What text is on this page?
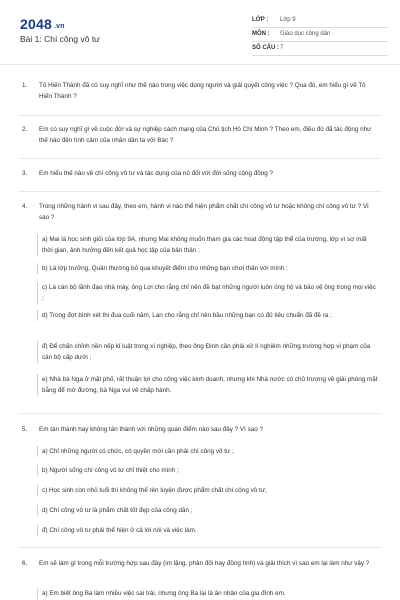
2048 .vn
Bài 1: Chí công vô tư
LỚP : Lớp 9
MÔN : Giáo dục công dân
SỐ CÂU : 7
1. Tô Hiến Thành đã có suy nghĩ như thế nào trong việc dùng người và giải quyết công việc ? Qua đó, em hiểu gì về Tô Hiến Thành ?
2. Em có suy nghĩ gì về cuộc đời và sự nghiệp cách mạng của Chủ tịch Hồ Chí Minh ? Theo em, điều đó đã tác động như thế nào đến tình cảm của nhân dân ta với Bác ?
3. Em hiểu thế nào về chí công vô tư và tác dụng của nó đối với đời sống cộng đồng ?
4. Trong những hành vi sau đây, theo em, hành vi nào thể hiện phẩm chất chí công vô tư hoặc không chí công vô tư ? Vì sao ?
a) Mai là học sinh giỏi của lớp 9A, nhưng Mai không muốn tham gia các hoạt động tập thể của trường, lớp vì sợ mất thời gian, ảnh hưởng đến kết quả học tập của bản thân ;
b) Là lớp trưởng, Quân thường bỏ qua khuyết điểm cho những bạn chơi thân với mình ;
c) Là cán bộ lãnh đạo nhà máy, ông Lợi cho rằng chỉ nên đề bạt những người luôn ủng hộ và bảo vệ ông trong mọi việc ;
d) Trong đợt bình xét thi đua cuối năm, Lan cho rằng chỉ nên bầu những bạn có đủ tiêu chuẩn đã đề ra ;
đ) Để chấn chỉnh nền nếp kỉ luật trong xí nghiệp, theo ông Đình cần phải xử lí nghiêm những trường hợp vi phạm của cán bộ cấp dưới ;
e) Nhà bà Nga ở mặt phố, rất thuận lợi cho công việc kinh doanh, nhưng khi Nhà nước có chủ trương về giải phóng mặt bằng để mở đường, bà Nga vui vẻ chấp hành.
5. Em tán thành hay không tán thành với những quan điểm nào sau đây ? Vì sao ?
a) Chỉ những người có chức, có quyền mới cần phải chí công vô tư ;
b) Người sống chí công vô tư chỉ thiệt cho mình ;
c) Học sinh còn nhỏ tuổi thì không thể rèn luyện được phẩm chất chí công vô tư;
d) Chí công vô tư là phẩm chất tốt đẹp của công dân ;
đ) Chí công vô tư phải thể hiện ở cả lời nói và việc làm.
6. Em sẽ làm gì trong mỗi trường hợp sau đây (im lặng, phản đối hay đồng tình) và giải thích vì sao em lại làm như vậy ?
a) Em biết ông Ba làm nhiều việc sai trái, nhưng ông Ba lại là ân nhân của gia đình em.
